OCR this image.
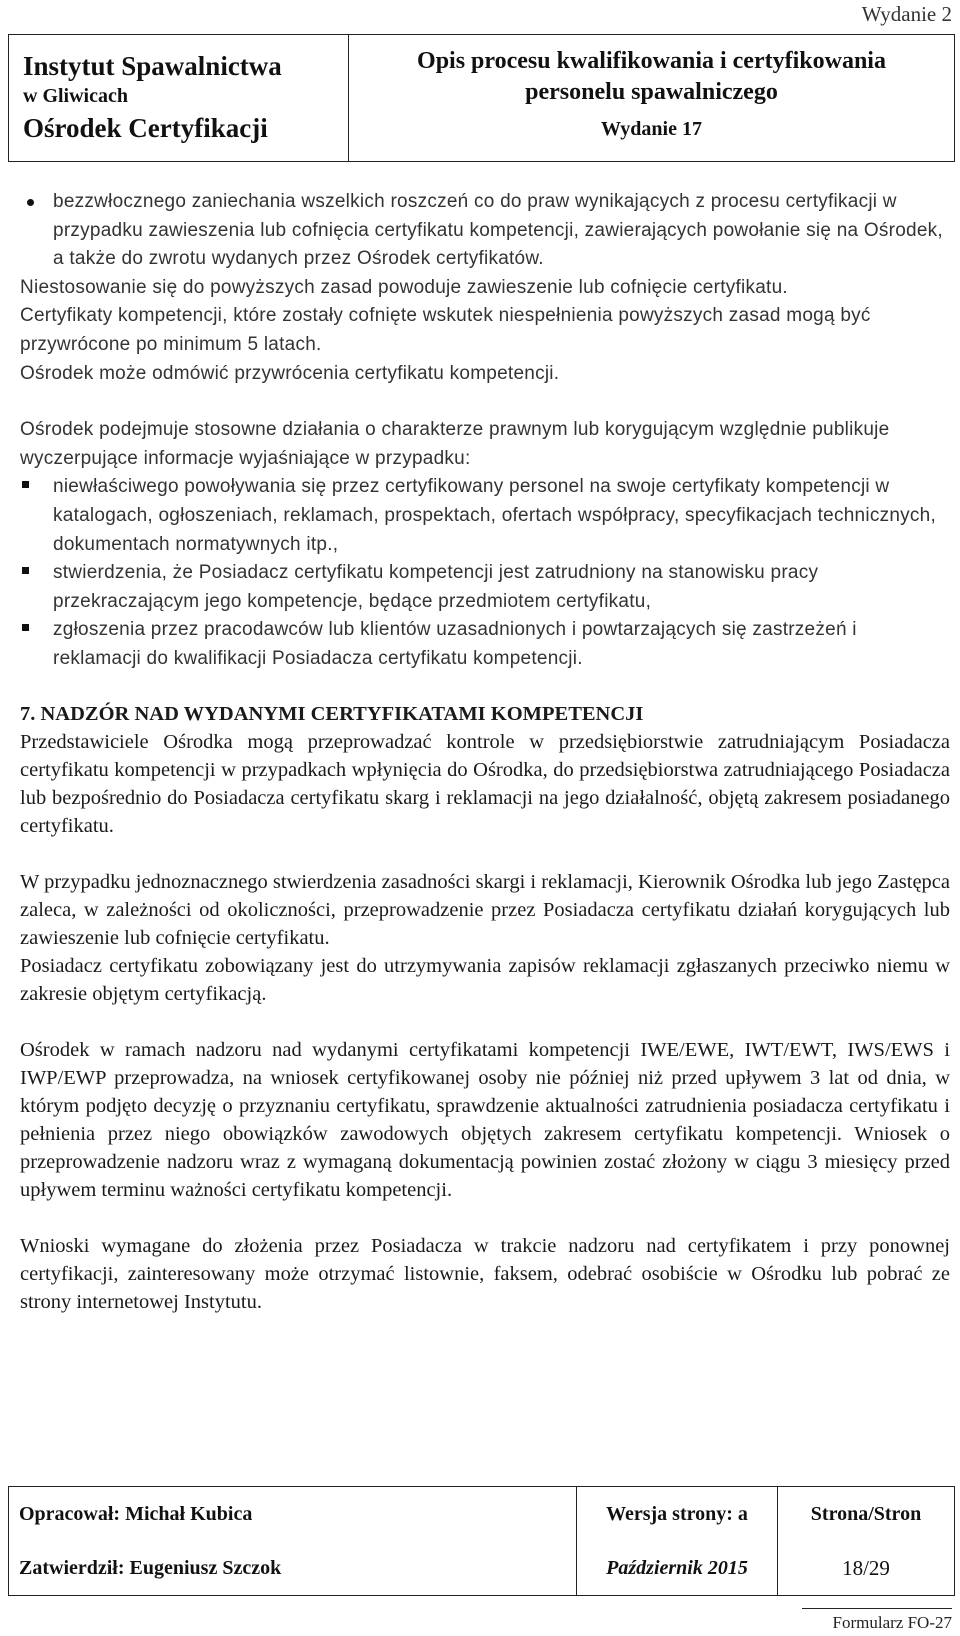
Wydanie 2
Instytut Spawalnictwa
w Gliwicach
Ośrodek Certyfikacji
Opis procesu kwalifikowania i certyfikowania
personelu spawalniczego
Wydanie 17

bezzwłocznego zaniechania wszelkich roszczeń co do praw wynikających z procesu certyfikacji w przypadku zawieszenia lub cofnięcia certyfikatu kompetencji, zawierających powołanie się na Ośrodek, a także do zwrotu wydanych przez Ośrodek certyfikatów.

Niestosowanie się do powyższych zasad powoduje zawieszenie lub cofnięcie certyfikatu.

Certyfikaty kompetencji, które zostały cofnięte wskutek niespełnienia powyższych zasad mogą być przywrócone po minimum 5 latach.

Ośrodek może odmówić przywrócenia certyfikatu kompetencji.

Ośrodek podejmuje stosowne działania o charakterze prawnym lub korygującym względnie publikuje wyczerpujące informacje wyjaśniające w przypadku:

niewłaściwego powoływania się przez certyfikowany personel na swoje certyfikaty kompetencji w katalogach, ogłoszeniach, reklamach, prospektach, ofertach współpracy, specyfikacjach technicznych, dokumentach normatywnych itp.,

stwierdzenia, że Posiadacz certyfikatu kompetencji jest zatrudniony na stanowisku pracy przekraczającym jego kompetencje, będące przedmiotem certyfikatu,

zgłoszenia przez pracodawców lub klientów uzasadnionych i powtarzających się zastrzeżeń i reklamacji do kwalifikacji Posiadacza certyfikatu kompetencji.

7. NADZÓR NAD WYDANYMI CERTYFIKATAMI KOMPETENCJI

Przedstawiciele Ośrodka mogą przeprowadzać kontrole w przedsiębiorstwie zatrudniającym Posiadacza certyfikatu kompetencji w przypadkach wpłynięcia do Ośrodka, do przedsiębiorstwa zatrudniającego Posiadacza lub bezpośrednio do Posiadacza certyfikatu skarg i reklamacji na jego działalność, objętą zakresem posiadanego certyfikatu.

W przypadku jednoznacznego stwierdzenia zasadności skargi i reklamacji, Kierownik Ośrodka lub jego Zastępca zaleca, w zależności od okoliczności, przeprowadzenie przez Posiadacza certyfikatu działań korygujących lub zawieszenie lub cofnięcie certyfikatu.

Posiadacz certyfikatu zobowiązany jest do utrzymywania zapisów reklamacji zgłaszanych przeciwko niemu w zakresie objętym certyfikacją.

Ośrodek w ramach nadzoru nad wydanymi certyfikatami kompetencji IWE/EWE, IWT/EWT, IWS/EWS i IWP/EWP przeprowadza, na wniosek certyfikowanej osoby nie później niż przed upływem 3 lat od dnia, w którym podjęto decyzję o przyznaniu certyfikatu, sprawdzenie aktualności zatrudnienia posiadacza certyfikatu i pełnienia przez niego obowiązków zawodowych objętych zakresem certyfikatu kompetencji. Wniosek o przeprowadzenie nadzoru wraz z wymaganą dokumentacją powinien zostać złożony w ciągu 3 miesięcy przed upływem terminu ważności certyfikatu kompetencji.

Wnioski wymagane do złożenia przez Posiadacza w trakcie nadzoru nad certyfikatem i przy ponownej certyfikacji, zainteresowany może otrzymać listownie, faksem, odebrać osobiście w Ośrodku lub pobrać ze strony internetowej Instytutu.

Opracował: Michał Kubica	Wersja strony: a	Strona/Stron
Zatwierdził: Eugeniusz Szczok	Październik 2015	18/29
Formularz FO-27
